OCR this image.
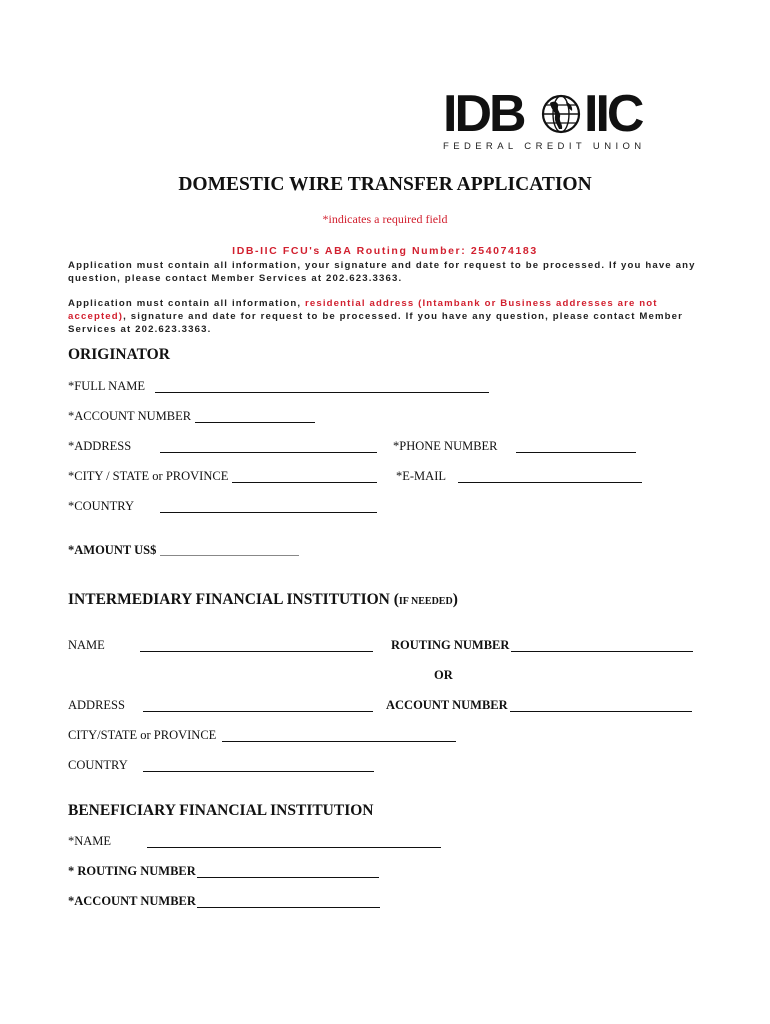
IDB IIC
FEDERAL CREDIT UNION
DOMESTIC WIRE TRANSFER APPLICATION
*indicates a required field
IDB-IIC FCU's ABA Routing Number: 254074183
Application must contain all information, your signature and date for request to be processed. If you have any question, please contact Member Services at 202.623.3363.
Application must contain all information, residential address (Intambank or Business addresses are not accepted), signature and date for request to be processed. If you have any question, please contact Member Services at 202.623.3363.
ORIGINATOR
*FULL NAME
*ACCOUNT NUMBER
*ADDRESS	*PHONE NUMBER
*CITY / STATE or PROVINCE	*E-MAIL
*COUNTRY
*AMOUNT US$
INTERMEDIARY FINANCIAL INSTITUTION (IF NEEDED)
NAME	ROUTING NUMBER
OR
ADDRESS	ACCOUNT NUMBER
CITY/STATE or PROVINCE
COUNTRY
BENEFICIARY FINANCIAL INSTITUTION
*NAME
* ROUTING NUMBER
*ACCOUNT NUMBER
